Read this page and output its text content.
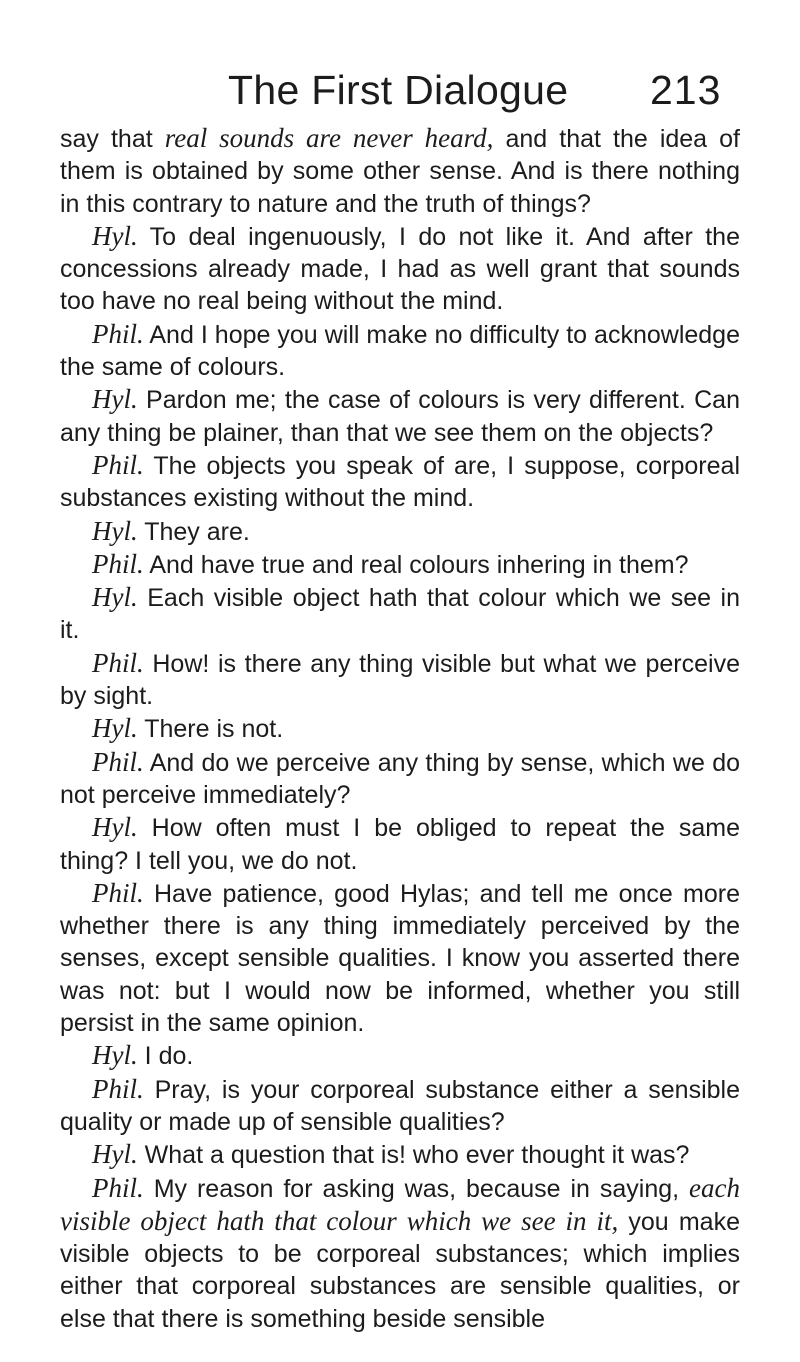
The First Dialogue 213

say that real sounds are never heard, and that the idea of them is obtained by some other sense. And is there nothing in this contrary to nature and the truth of things?

Hyl. To deal ingenuously, I do not like it. And after the concessions already made, I had as well grant that sounds too have no real being without the mind.

Phil. And I hope you will make no difficulty to acknowledge the same of colours.

Hyl. Pardon me; the case of colours is very different. Can any thing be plainer, than that we see them on the objects?

Phil. The objects you speak of are, I suppose, corporeal substances existing without the mind.

Hyl. They are.

Phil. And have true and real colours inhering in them?

Hyl. Each visible object hath that colour which we see in it.

Phil. How! is there any thing visible but what we perceive by sight.

Hyl. There is not.

Phil. And do we perceive any thing by sense, which we do not perceive immediately?

Hyl. How often must I be obliged to repeat the same thing? I tell you, we do not.

Phil. Have patience, good Hylas; and tell me once more whether there is any thing immediately perceived by the senses, except sensible qualities. I know you asserted there was not: but I would now be informed, whether you still persist in the same opinion.

Hyl. I do.

Phil. Pray, is your corporeal substance either a sensible quality or made up of sensible qualities?

Hyl. What a question that is! who ever thought it was?

Phil. My reason for asking was, because in saying, each visible object hath that colour which we see in it, you make visible objects to be corporeal substances; which implies either that corporeal substances are sensible qualities, or else that there is something beside sensible
